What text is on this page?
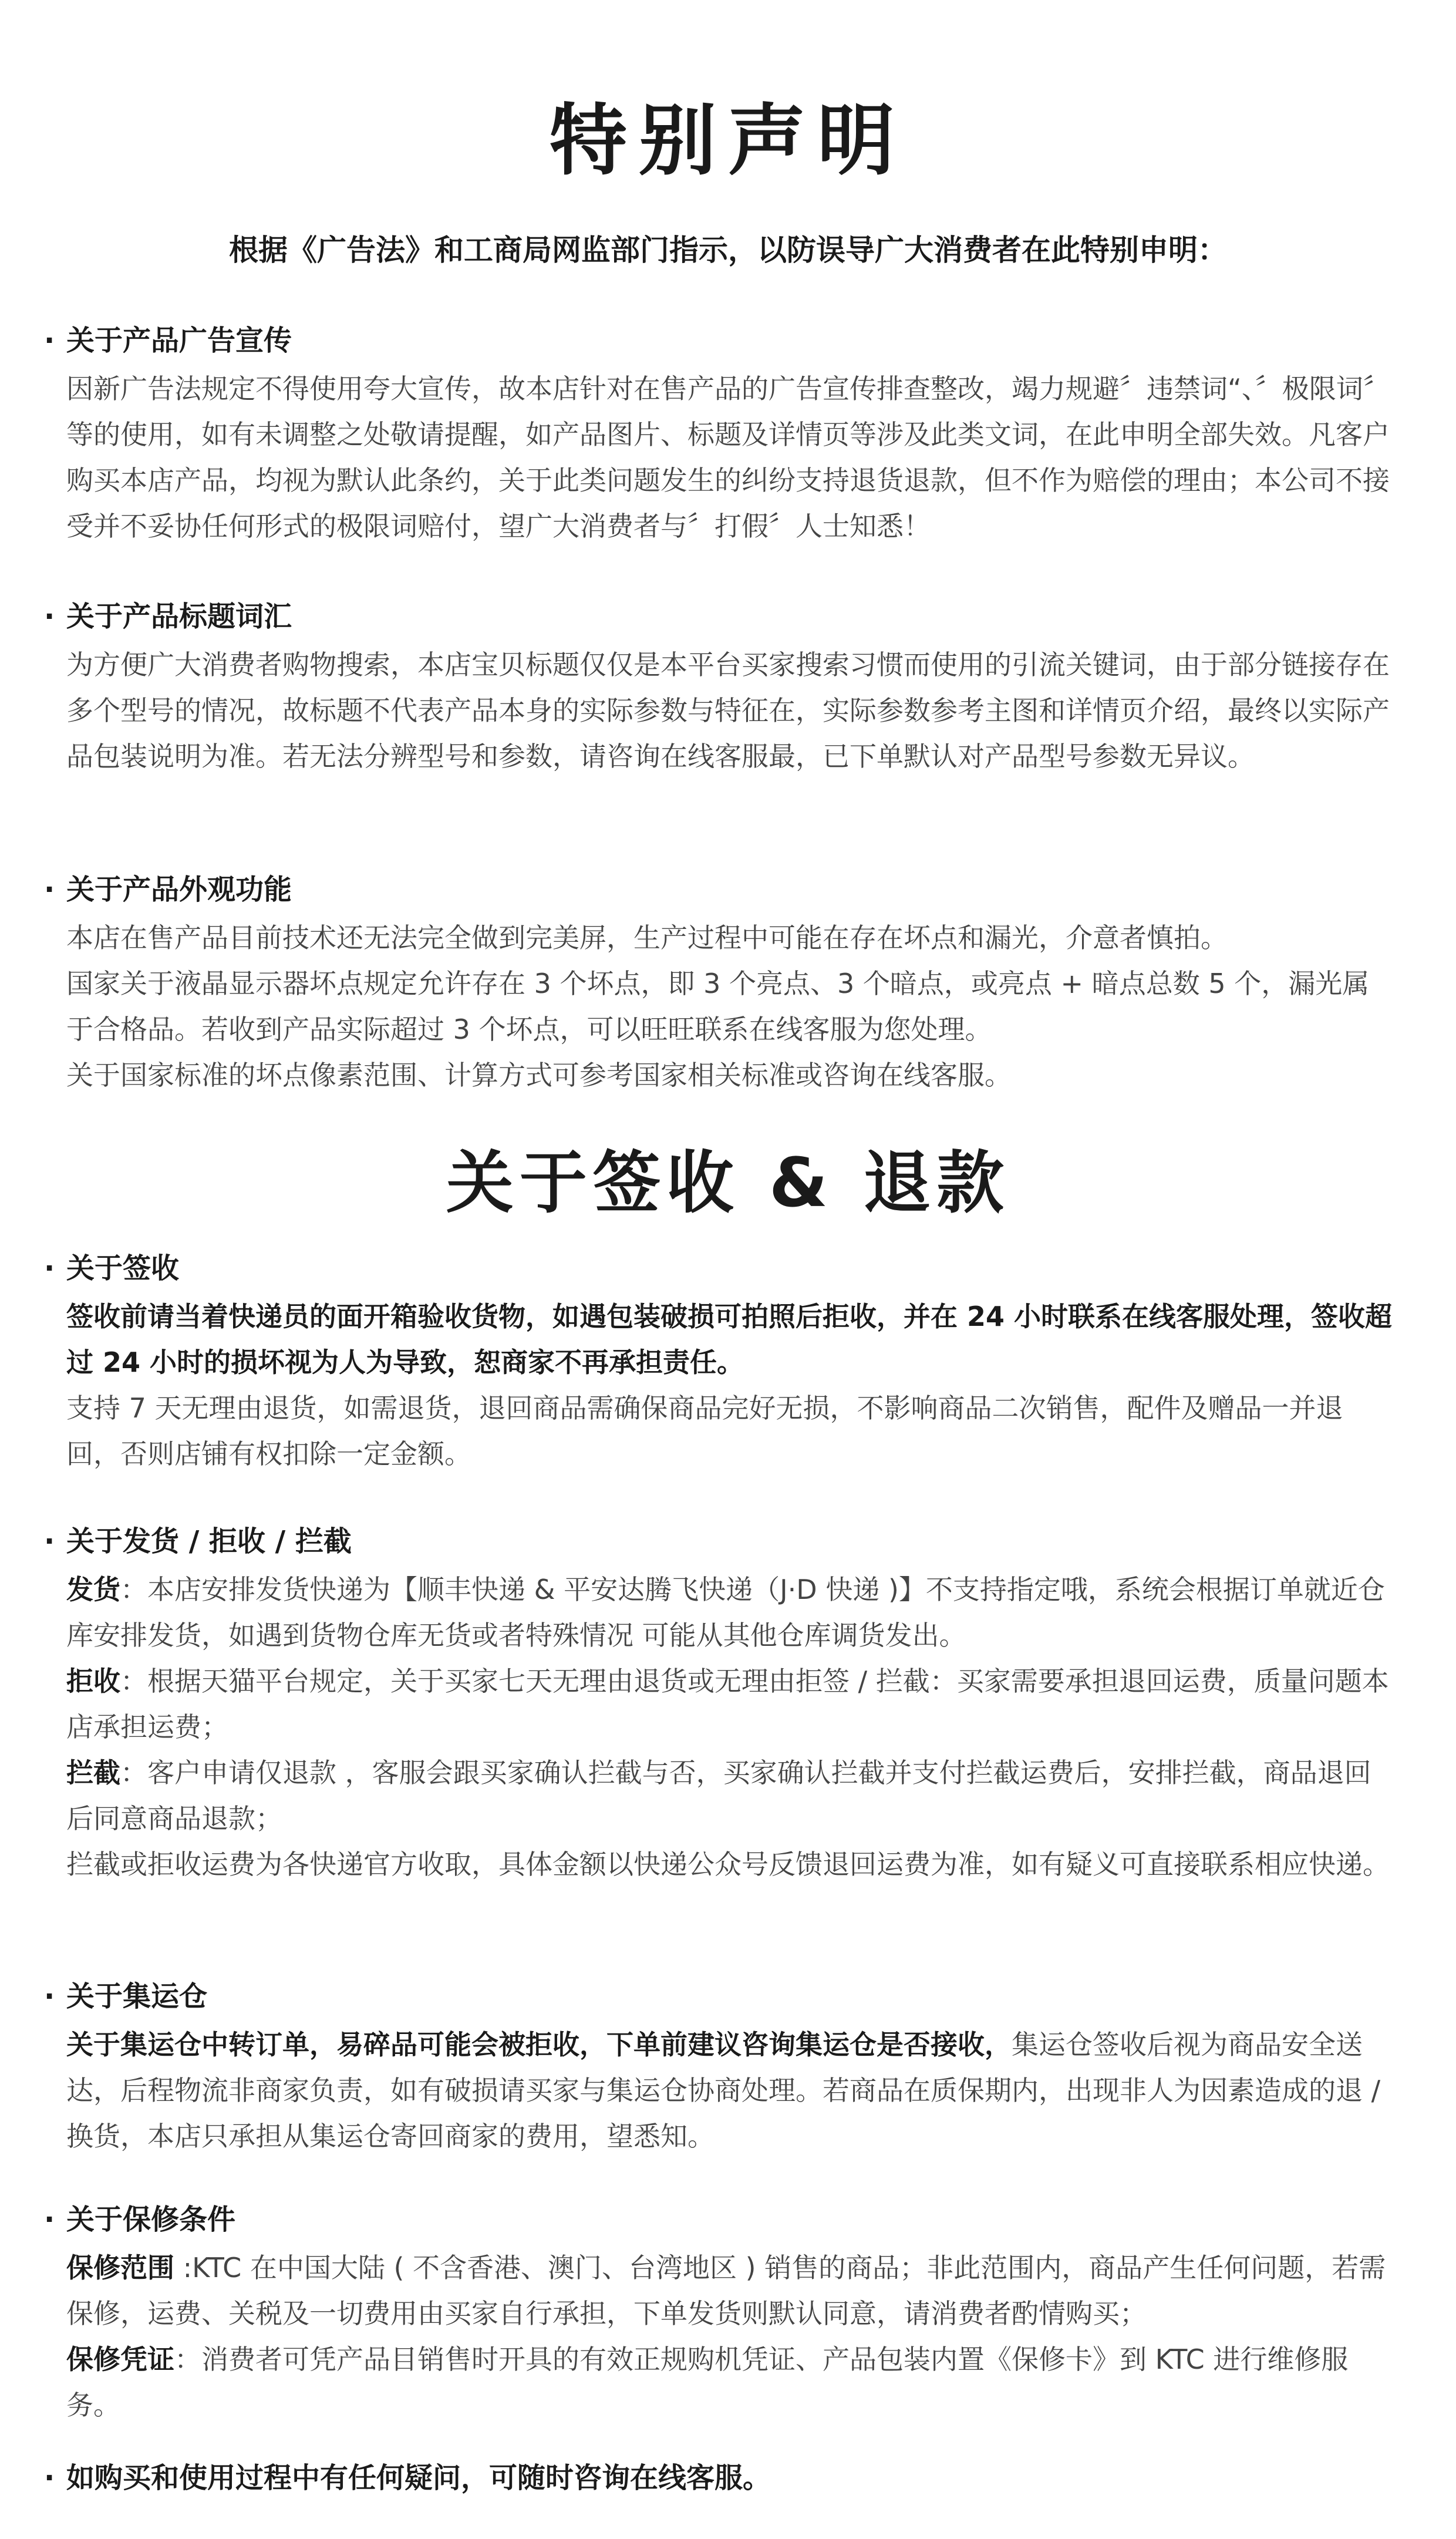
特别声明
根据《广告法》和工商局网监部门指示，以防误导广大消费者在此特别申明：
· 关于产品广告宣传
因新广告法规定不得使用夸大宣传，故本店针对在售产品的广告宣传排查整改，竭力规避〞违禁词“、〞极限词〞等的使用，如有未调整之处敬请提醒，如产品图片、标题及详情页等涉及此类文词，在此申明全部失效。凡客户购买本店产品，均视为默认此条约，关于此类问题发生的纠纷支持退货退款，但不作为赔偿的理由；本公司不接受并不妥协任何形式的极限词赔付，望广大消费者与〞打假〞人士知悉！
· 关于产品标题词汇
为方便广大消费者购物搜索，本店宝贝标题仅仅是本平台买家搜索习惯而使用的引流关键词，由于部分链接存在多个型号的情况，故标题不代表产品本身的实际参数与特征在，实际参数参考主图和详情页介绍，最终以实际产品包装说明为准。若无法分辨型号和参数，请咨询在线客服最，已下单默认对产品型号参数无异议。
· 关于产品外观功能
本店在售产品目前技术还无法完全做到完美屏，生产过程中可能在存在坏点和漏光，介意者慎拍。
国家关于液晶显示器坏点规定允许存在 3 个坏点，即 3 个亮点、3 个暗点，或亮点 + 暗点总数 5 个，漏光属于合格品。若收到产品实际超过 3 个坏点，可以旺旺联系在线客服为您处理。
关于国家标准的坏点像素范围、计算方式可参考国家相关标准或咨询在线客服。
关于签收 & 退款
· 关于签收
签收前请当着快递员的面开箱验收货物，如遇包装破损可拍照后拒收，并在 24 小时联系在线客服处理，签收超过 24 小时的损坏视为人为导致，恕商家不再承担责任。
支持 7 天无理由退货，如需退货，退回商品需确保商品完好无损，不影响商品二次销售，配件及赠品一并退回，否则店铺有权扣除一定金额。
· 关于发货 / 拒收 / 拦截
发货：本店安排发货快递为【顺丰快递 & 平安达腾飞快递（J·D 快递 )】不支持指定哦，系统会根据订单就近仓库安排发货，如遇到货物仓库无货或者特殊情况 可能从其他仓库调货发出。
拒收：根据天猫平台规定，关于买家七天无理由退货或无理由拒签 / 拦截：买家需要承担退回运费，质量问题本店承担运费；
拦截：客户申请仅退款 ，客服会跟买家确认拦截与否，买家确认拦截并支付拦截运费后，安排拦截，商品退回后同意商品退款；
拦截或拒收运费为各快递官方收取，具体金额以快递公众号反馈退回运费为准，如有疑义可直接联系相应快递。
· 关于集运仓
关于集运仓中转订单，易碎品可能会被拒收，下单前建议咨询集运仓是否接收，集运仓签收后视为商品安全送达，后程物流非商家负责，如有破损请买家与集运仓协商处理。若商品在质保期内，出现非人为因素造成的退 / 换货，本店只承担从集运仓寄回商家的费用，望悉知。
· 关于保修条件
保修范围 :KTC 在中国大陆 ( 不含香港、澳门、台湾地区 ) 销售的商品；非此范围内，商品产生任何问题，若需保修，运费、关税及一切费用由买家自行承担，下单发货则默认同意，请消费者酌情购买；
保修凭证：消费者可凭产品目销售时开具的有效正规购机凭证、产品包装内置《保修卡》到 KTC 进行维修服务。
· 如购买和使用过程中有任何疑问，可随时咨询在线客服。
